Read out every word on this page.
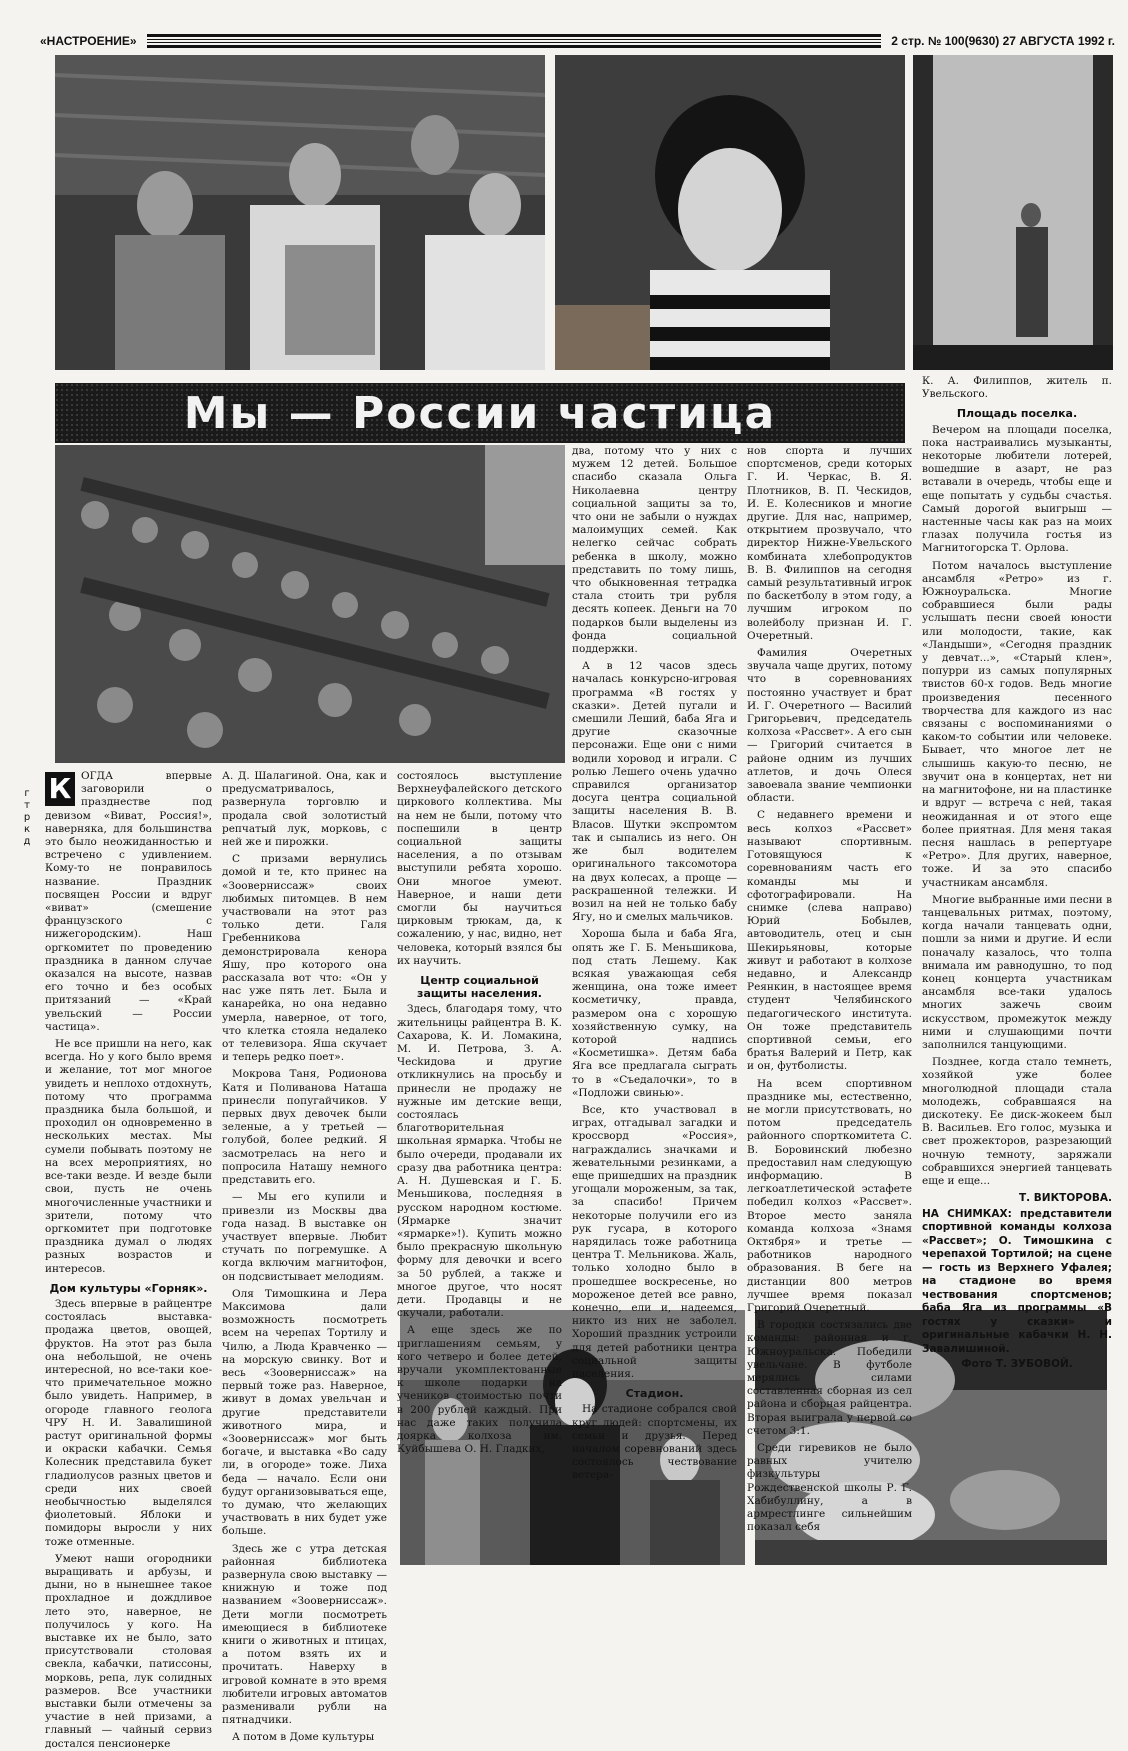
«НАСТРОЕНИЕ»	2 стр. № 100(9630) 27 АВГУСТА 1992 г.
Мы — России частица
гтркд
К ОГДА впервые заговорили о празднестве под девизом «Виват, Россия!», наверняка, для большинства это было неожиданностью и встречено с удивлением. Кому-то не понравилось название. Праздник посвящен России и вдруг «виват» (смешение французского с нижегородским). Наш оргкомитет по проведению праздника в данном случае оказался на высоте, назвав его точно и без особых притязаний — «Край увельский — России частица».

Не все пришли на него, как всегда. Но у кого было время и желание, тот мог многое увидеть и неплохо отдохнуть, потому что программа праздника была большой, и проходил он одновременно в нескольких местах. Мы сумели побывать поэтому не на всех мероприятиях, но все-таки везде. И везде были свои, пусть не очень многочисленные участники и зрители, потому что оргкомитет при подготовке праздника думал о людях разных возрастов и интересов.

Дом культуры «Горняк».

Здесь впервые в райцентре состоялась выставка-продажа цветов, овощей, фруктов. На этот раз была она небольшой, не очень интересной, но все-таки кое-что примечательное можно было увидеть. Например, в огороде главного геолога ЧРУ Н. И. Завалишиной растут оригинальной формы и окраски кабачки. Семья Колесник представила букет гладиолусов разных цветов и среди них своей необычностью выделялся фиолетовый. Яблоки и помидоры выросли у них тоже отменные.

Умеют наши огородники выращивать и арбузы, и дыни, но в нынешнее такое прохладное и дождливое лето это, наверное, не получилось у кого. На выставке их не было, зато присутствовали столовая свекла, кабачки, патиссоны, морковь, репа, лук солидных размеров. Все участники выставки были отмечены за участие в ней призами, а главный — чайный сервиз достался пенсионерке

А. Д. Шалагиной. Она, как и предусматривалось, развернула торговлю и продала свой золотистый репчатый лук, морковь, с ней же и пирожки.

С призами вернулись домой и те, кто принес на «Зооверниссаж» своих любимых питомцев. В нем участвовали на этот раз только дети. Галя Гребенникова демонстрировала кенора Яшу, про которого она рассказала вот что: «Он у нас уже пять лет. Была и канарейка, но она недавно умерла, наверное, от того, что клетка стояла недалеко от телевизора. Яша скучает и теперь редко поет».

Мокрова Таня, Родионова Катя и Поливанова Наташа принесли попугайчиков. У первых двух девочек были зеленые, а у третьей — голубой, более редкий. Я засмотрелась на него и попросила Наташу немного представить его.

— Мы его купили и привезли из Москвы два года назад. В выставке он участвует впервые. Любит стучать по погремушке. А когда включим магнитофон, он подсвистывает мелодиям.

Оля Тимошкина и Лера Максимова дали возможность посмотреть всем на черепах Тортилу и Чилю, а Люда Кравченко — на морскую свинку. Вот и весь «Зооверниссаж» на первый тоже раз. Наверное, живут в домах увельчан и другие представители животного мира, и «Зооверниссаж» мог быть богаче, и выставка «Во саду ли, в огороде» тоже. Лиха беда — начало. Если они будут организовываться еще, то думаю, что желающих участвовать в них будет уже больше.

Здесь же с утра детская районная библиотека развернула свою выставку — книжную и тоже под названием «Зооверниссаж». Дети могли посмотреть имеющиеся в библиотеке книги о животных и птицах, а потом взять их и прочитать. Наверху в игровой комнате в это время любители игровых автоматов разменивали рубли на пятнадчики.

А потом в Доме культуры

состоялось выступление Верхнеуфалейского детского циркового коллектива. Мы на нем не были, потому что поспешили в центр социальной защиты населения, а по отзывам выступили ребята хорошо. Они многое умеют. Наверное, и наши дети смогли бы научиться цирковым трюкам, да, к сожалению, у нас, видно, нет человека, который взялся бы их научить.

Центр социальной защиты населения.

Здесь, благодаря тому, что жительницы райцентра В. К. Сахарова, К. И. Ломакина, М. И. Петрова, З. А. Чесkидова и другие откликнулись на просьбу и принесли не продажу не нужные им детские вещи, состоялась благотворительная школьная ярмарка. Чтобы не было очереди, продавали их сразу два работника центра: А. Н. Душевская и Г. Б. Меньшикова, последняя в русском народном костюме. (Ярмарке значит «ярмарке»!). Купить можно было прекрасную школьную форму для девочки и всего за 50 рублей, а также и многое другое, что носят дети. Продавцы и не скучали, работали.

А еще здесь же по приглашениям семьям, у кого четверо и более детей, вручали укомплектованные к школе подарки на учеников стоимостью почти в 200 рублей каждый. При нас даже таких получила доярка колхоза им. Куйбышева О. Н. Гладких,

два, потому что у них с мужем 12 детей. Большое спасибо сказала Ольга Николаевна центру социальной защиты за то, что они не забыли о нуждах малоимущих семей. Как нелегко сейчас собрать ребенка в школу, можно представить по тому лишь, что обыкновенная тетрадка стала стоить три рубля десять копеек. Деньги на 70 подарков были выделены из фонда социальной поддержки.

А в 12 часов здесь началась конкурсно-игровая программа «В гостях у сказки». Детей пугали и смешили Леший, баба Яга и другие сказочные персонажи. Еще они с ними водили хоровод и играли. С ролью Лешего очень удачно справился организатор досуга центра социальной защиты населения В. В. Власов. Шутки экспромтом так и сыпались из него. Он же был водителем оригинального таксомотора на двух колесах, а проще — раскрашенной тележки. И возил на ней не только бабу Ягу, но и смелых мальчиков.

Хороша была и баба Яга, опять же Г. Б. Меньшикова, под стать Лешему. Как всякая уважающая себя женщина, она тоже имеет косметичку, правда, размером она с хорошую хозяйственную сумку, на которой надпись «Косметишка». Детям баба Яга все предлагала сыграть то в «Съедалочки», то в «Подложи свинью».

Все, кто участвовал в играх, отгадывал загадки и кроссворд «Россия», награждались значками и жевательными резинками, а еще пришедших на праздник угощали мороженым, за так, за спасибо! Причем некоторые получили его из рук гусара, в которого нарядилась тоже работница центра Т. Мельникова. Жаль, только холодно было в прошедшее воскресенье, но мороженое детей все равно, конечно, ели и, надеемся, никто из них не заболел. Хороший праздник устроили для детей работники центра социальной защиты населения.

Стадион.

На стадионе собрался свой круг людей: спортсмены, их семьи и друзья. Перед началом соревнований здесь состоялось чествование ветера-

нов спорта и лучших спортсменов, среди которых Г. И. Черкас, В. Я. Плотников, В. П. Ческидов, И. Е. Колесников и многие другие. Для нас, например, открытием прозвучало, что директор Нижне-Увельского комбината хлебопродуктов В. В. Филиппов на сегодня самый результативный игрок по баскетболу в этом году, а лучшим игроком по волейболу признан И. Г. Очеретный.

Фамилия Очеретных звучала чаще других, потому что в соревнованиях постоянно участвует и брат И. Г. Очеретного — Василий Григорьевич, председатель колхоза «Рассвет». А его сын — Григорий считается в районе одним из лучших атлетов, и дочь Олеся завоевала звание чемпионки области.

С недавнего времени и весь колхоз «Рассвет» называют спортивным. Готовящуюся к соревнованиям часть его команды мы и сфотографировали. На снимке (слева направо) Юрий Бобылев, автоводитель, отец и сын Шекирьяновы, которые живут и работают в колхозе недавно, и Александр Реянкин, в настоящее время студент Челябинского педагогического института. Он тоже представитель спортивной семьи, его братья Валерий и Петр, как и он, футболисты.

На всем спортивном празднике мы, естественно, не могли присутствовать, но потом председатель районного спорткомитета С. В. Боровинский любезно предоставил нам следующую информацию. В легкоатлетической эстафете победил колхоз «Рассвет». Второе место заняла команда колхоза «Знамя Октября» и третье — работников народного образования. В беге на дистанции 800 метров лучшее время показал Григорий Очеретный.

В городки состязались две команды: районная и г. Южноуральска. Победили увельчане. В футболе мерялись силами составленная сборная из сел района и сборная райцентра. Вторая выиграла у первой со счетом 3:1.

Среди гиревиков не было равных учителю физкультуры Рождественской школы Р. Г. Хабибуллину, а в армрестлинге сильнейшим показал себя

К. А. Филиппов, житель п. Увельского.

Площадь поселка.

Вечером на площади поселка, пока настраивались музыканты, некоторые любители лотерей, вошедшие в азарт, не раз вставали в очередь, чтобы еще и еще попытать у судьбы счастья. Самый дорогой выигрыш — настенные часы как раз на моих глазах получила гостья из Магнитогорска Т. Орлова.

Потом началось выступление ансамбля «Ретро» из г. Южноуральска. Многие собравшиеся были рады услышать песни своей юности или молодости, такие, как «Ландыши», «Сегодня праздник у девчат...», «Старый клен», попурри из самых популярных твистов 60-х годов. Ведь многие произведения песенного творчества для каждого из нас связаны с воспоминаниями о каком-то событии или человеке. Бывает, что многое лет не слышишь какую-то песню, не звучит она в концертах, нет ни на магнитофоне, ни на пластинке и вдруг — встреча с ней, такая неожиданная и от этого еще более приятная. Для меня такая песня нашлась в репертуаре «Ретро». Для других, наверное, тоже. И за это спасибо участникам ансамбля.

Многие выбранные ими песни в танцевальных ритмах, поэтому, когда начали танцевать одни, пошли за ними и другие. И если поначалу казалось, что толпа внимала им равнодушно, то под конец концерта участникам ансамбля все-таки удалось многих зажечь своим искусством, промежуток между ними и слушающими почти заполнился танцующими.

Позднее, когда стало темнеть, хозяйкой уже более многолюдной площади стала молодежь, собравшаяся на дискотеку. Ее диск-жокеем был В. Васильев. Его голос, музыка и свет прожекторов, разрезающий ночную темноту, заряжали собравшихся энергией танцевать еще и еще...

Т. ВИКТОРОВА.
НА СНИМКАХ: представители спортивной команды колхоза «Рассвет»; О. Тимошкина с черепахой Тортилой; на сцене — гость из Верхнего Уфалея; на стадионе во время чествования спортсменов; баба Яга из программы «В гостях у сказки» и оригинальные кабачки Н. Н. Завалишиной.
Фото Т. ЗУБОВОЙ.
